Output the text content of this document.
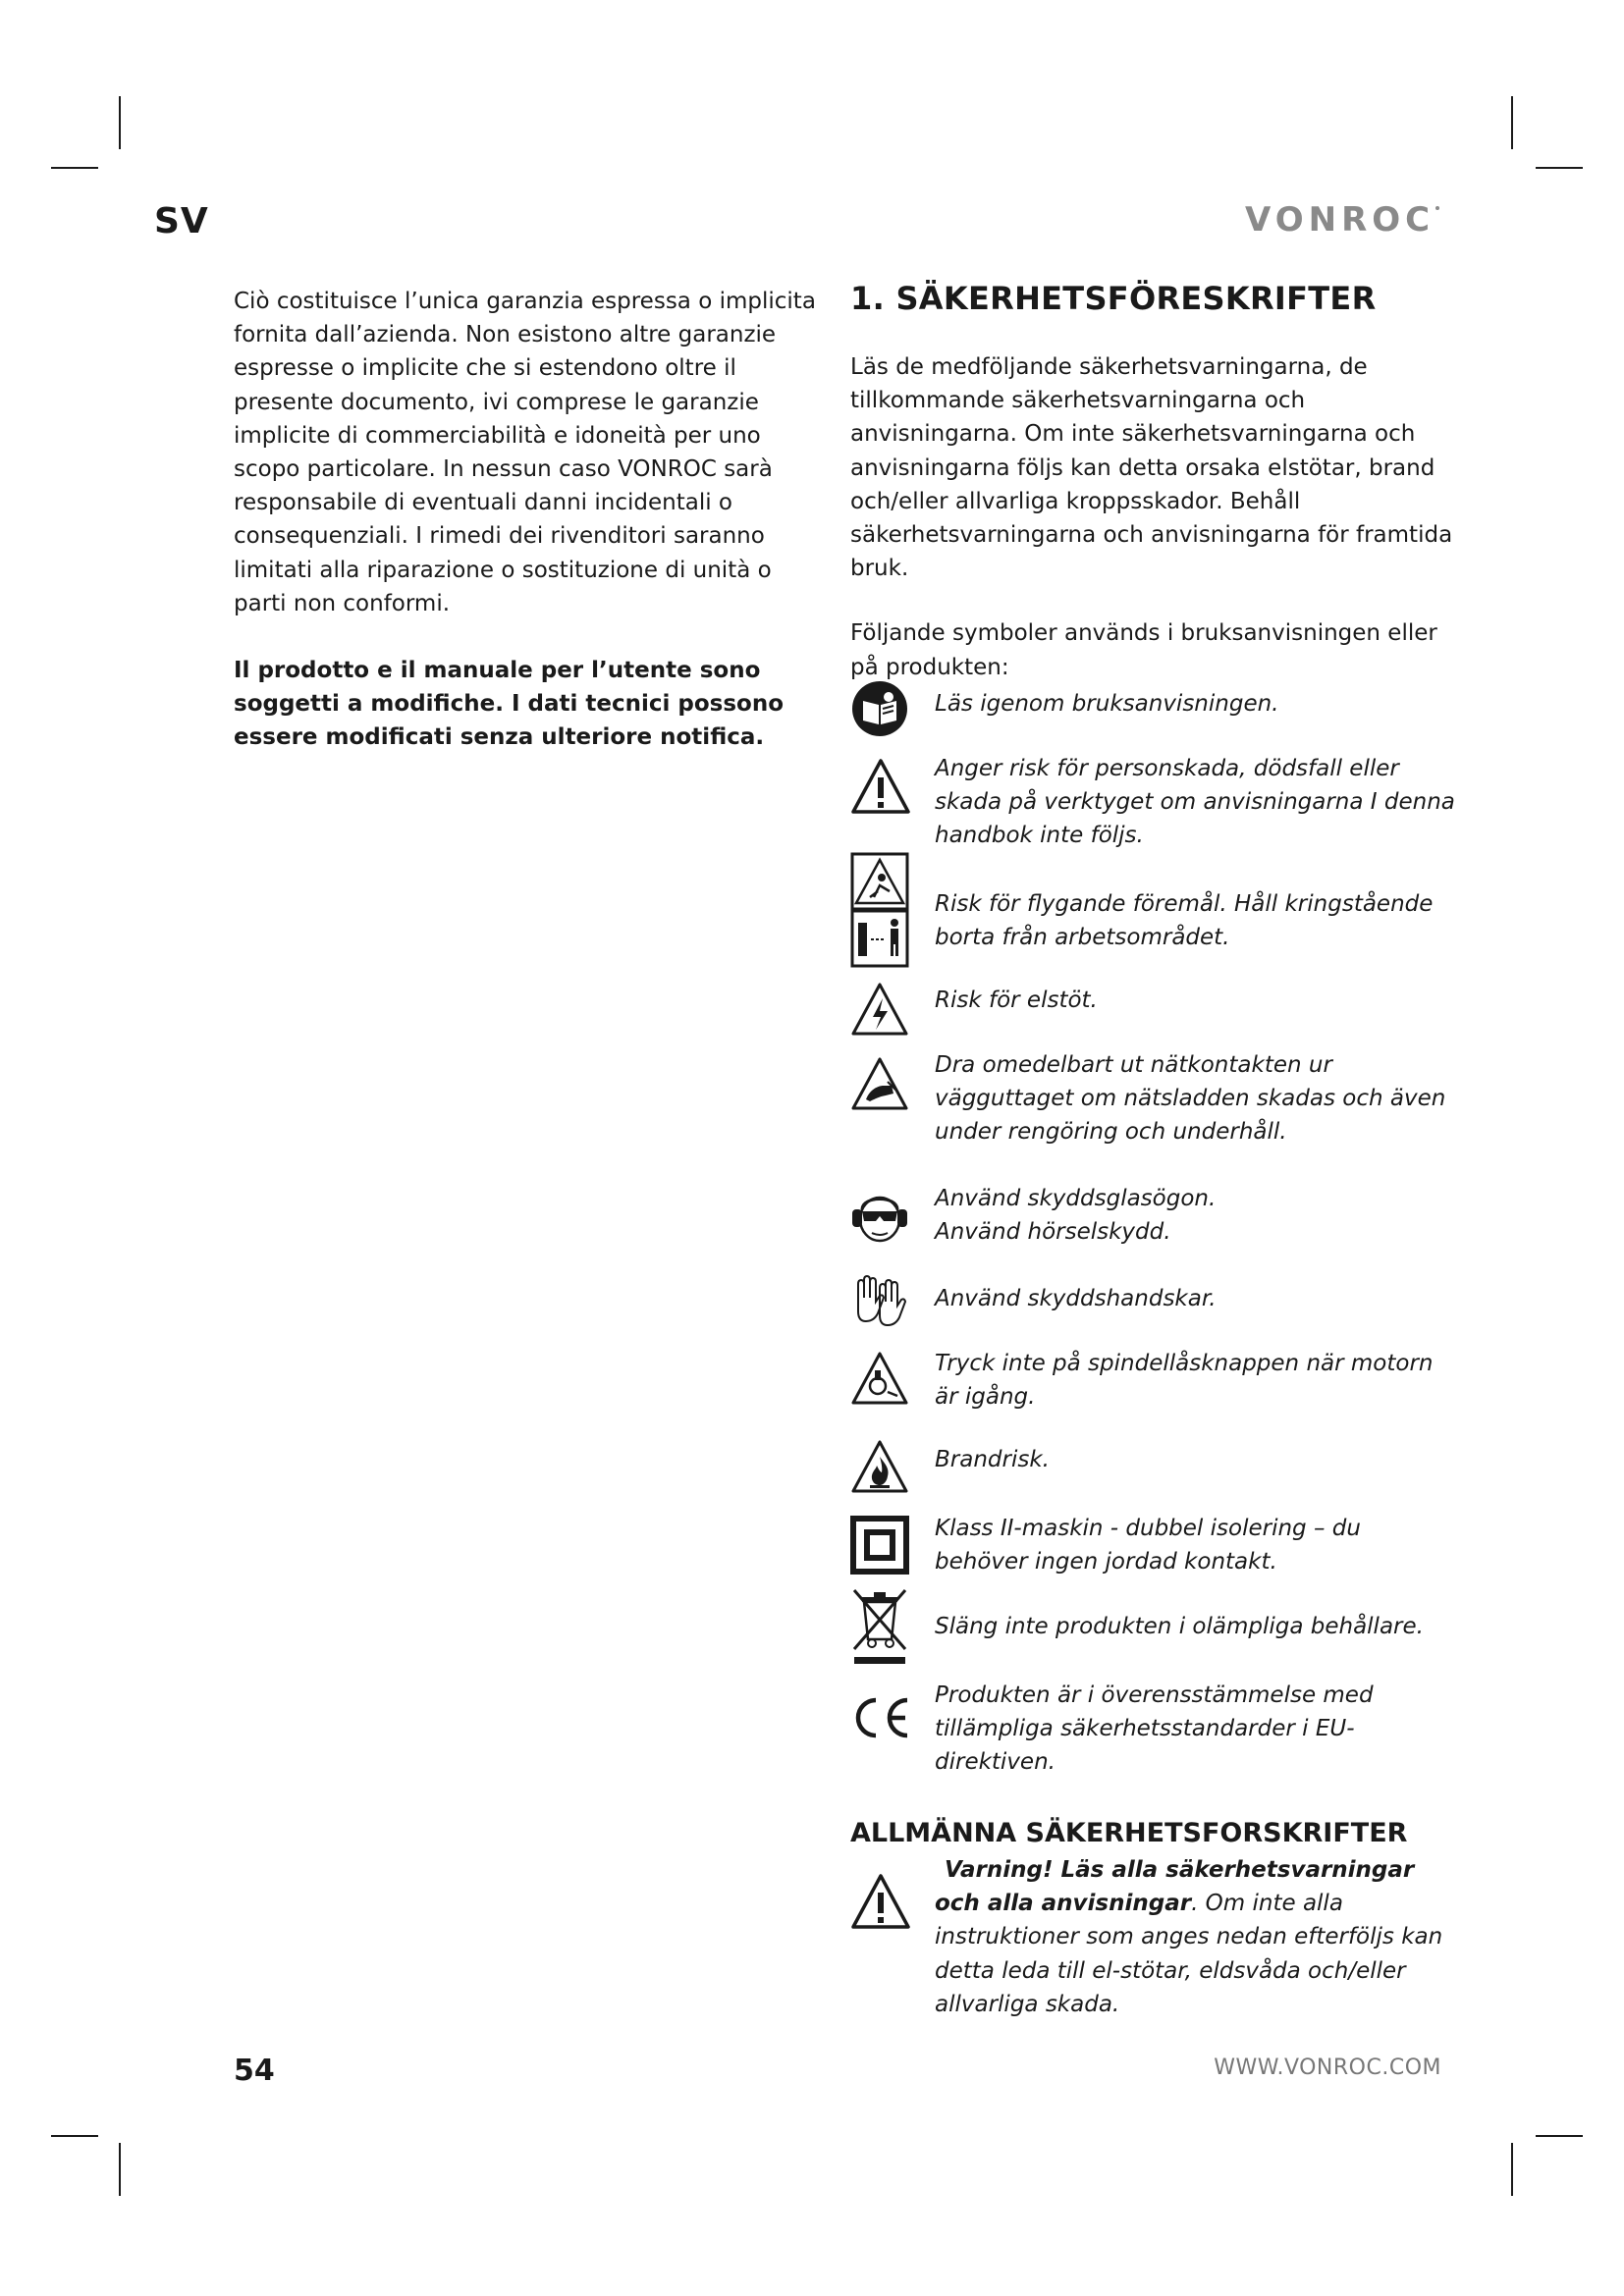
SV	VONROC

Ciò costituisce l’unica garanzia espressa o implicita fornita dall’azienda. Non esistono altre garanzie espresse o implicite che si estendono oltre il presente documento, ivi comprese le garanzie implicite di commerciabilità e idoneità per uno scopo particolare. In nessun caso VONROC sarà responsabile di eventuali danni incidentali o consequenziali. I rimedi dei rivenditori saranno limitati alla riparazione o sostituzione di unità o parti non conformi.

Il prodotto e il manuale per l’utente sono soggetti a modifiche. I dati tecnici possono essere modificati senza ulteriore notifica.

1. SÄKERHETSFÖRESKRIFTER

Läs de medföljande säkerhetsvarningarna, de tillkommande säkerhetsvarningarna och anvisningarna. Om inte säkerhetsvarningarna och anvisningarna följs kan detta orsaka elstötar, brand och/eller allvarliga kroppsskador. Behåll säkerhetsvarningarna och anvisningarna för framtida bruk.

Följande symboler används i bruksanvisningen eller på produkten:

Läs igenom bruksanvisningen.
Anger risk för personskada, dödsfall eller skada på verktyget om anvisningarna I denna handbok inte följs.
Risk för flygande föremål. Håll kringstående borta från arbetsområdet.
Risk för elstöt.
Dra omedelbart ut nätkontakten ur vägguttaget om nätsladden skadas och även under rengöring och underhåll.
Använd skyddsglasögon.
Använd hörselskydd.
Använd skyddshandskar.
Tryck inte på spindellåsknappen när motorn är igång.
Brandrisk.
Klass II-maskin - dubbel isolering – du behöver ingen jordad kontakt.
Släng inte produkten i olämpliga behållare.
Produkten är i överensstämmelse med tillämpliga säkerhetsstandarder i EU-direktiven.
ALLMÄNNA SÄKERHETSFORSKRIFTER
Varning! Läs alla säkerhetsvarningar och alla anvisningar. Om inte alla instruktioner som anges nedan efterföljs kan detta leda till el-stötar, eldsvåda och/eller allvarliga skada.
54	WWW.VONROC.COM
